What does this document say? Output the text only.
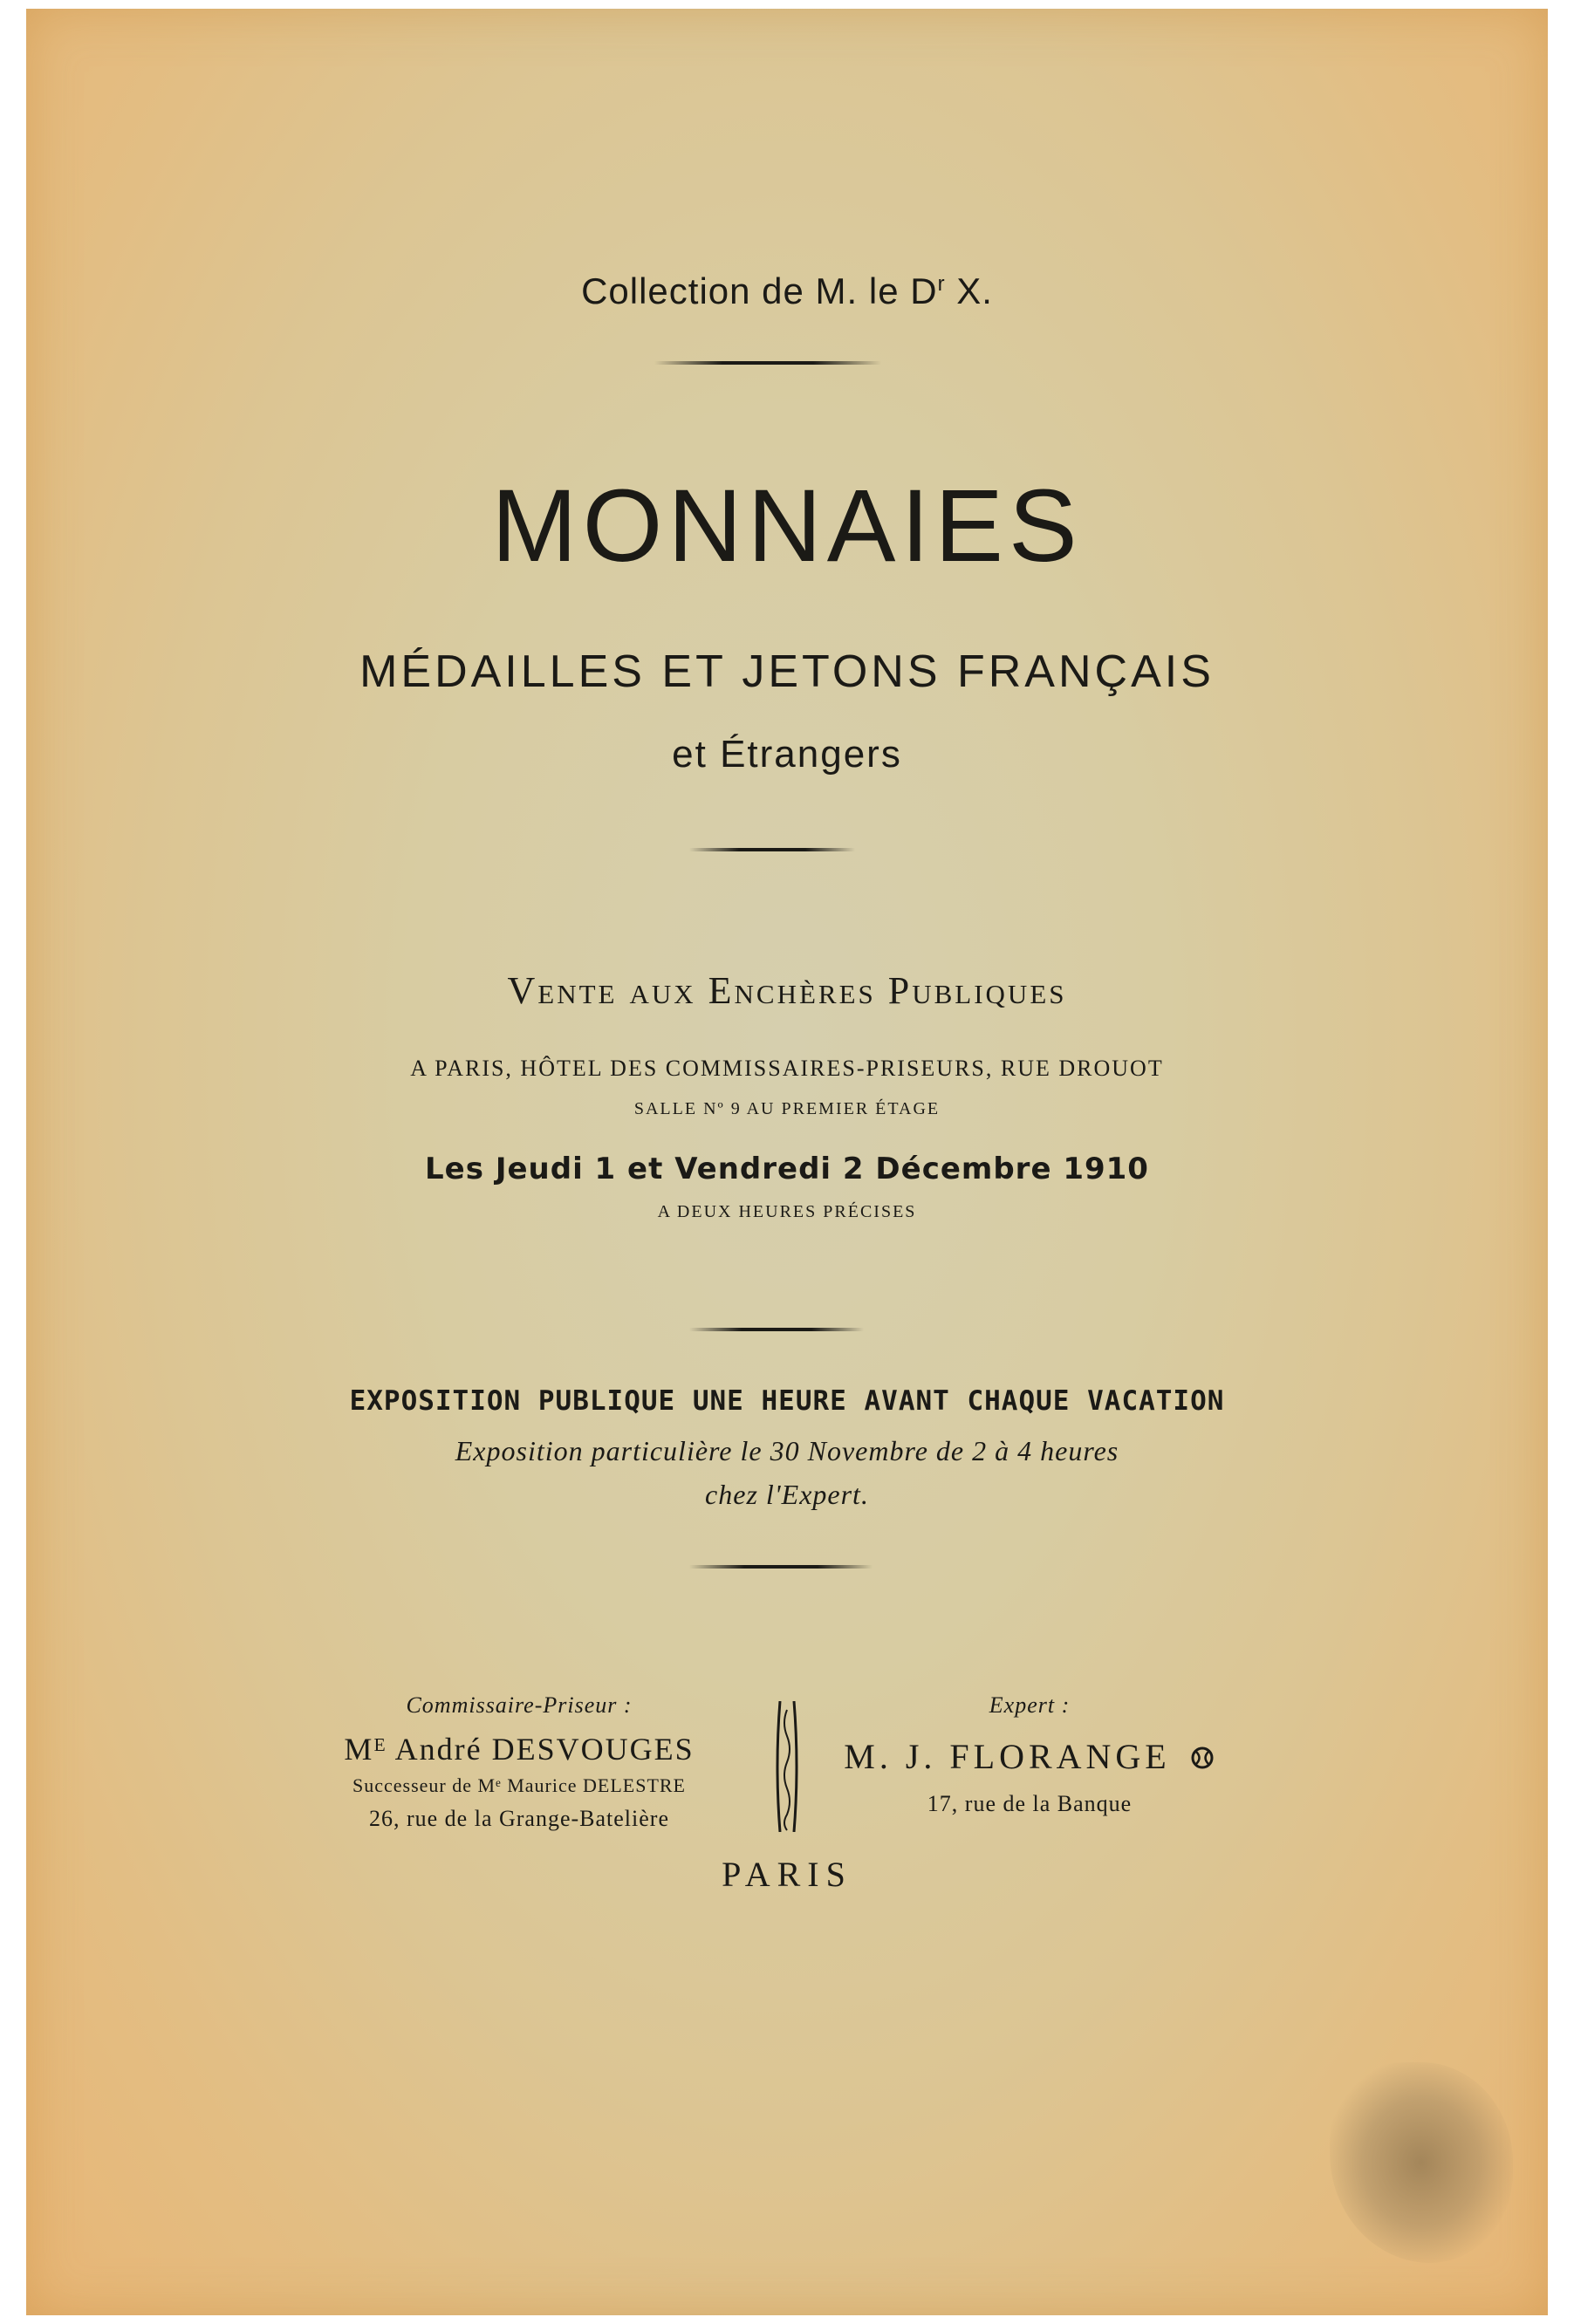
Collection de M. le $D^r$ X.
MONNAIES
MÉDAILLES ET JETONS FRANÇAIS
et Étrangers
Vente aux Enchères Publiques
A PARIS, HÔTEL DES COMMISSAIRES-PRISEURS, RUE DROUOT
SALLE Nº 9 AU PREMIER ÉTAGE
Les Jeudi 1 et Vendredi 2 Décembre 1910
A DEUX HEURES PRÉCISES
EXPOSITION PUBLIQUE UNE HEURE AVANT CHAQUE VACATION
Exposition particulière le 30 Novembre de 2 à 4 heures
chez l'Expert.
Commissaire-Priseur :
Mᴱ André DESVOUGES
Successeur de Mᵉ Maurice DELESTRE
26, rue de la Grange-Batelière
Expert :
M. J. FLORANGE
17, rue de la Banque
PARIS
